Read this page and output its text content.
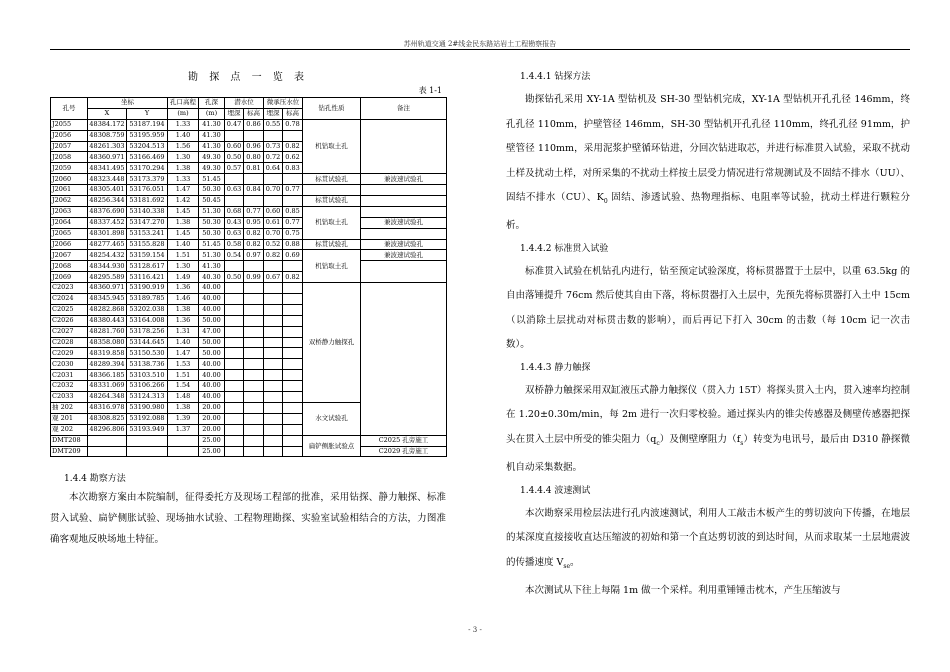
苏州轨道交通 2#线金民东路站岩土工程勘察报告
勘 探 点 一 览 表
表 1-1
孔号	坐标		孔口高程	孔深	潜水位		微承压水位		钻孔性质	备注
	X	Y	(m)	(m)	埋深	标高	埋深	标高		
J2055	48384.172	53187.194	1.33	41.30	0.47	0.86	0.55	0.78	机钻取土孔	
J2056	48308.759	53195.959	1.40	41.30						
J2057	48261.303	53204.513	1.56	41.30	0.60	0.96	0.73	0.82		
J2058	48360.971	53166.469	1.30	49.30	0.50	0.80	0.72	0.62		
J2059	48341.495	53170.294	1.38	49.30	0.57	0.81	0.64	0.83		
J2060	48323.448	53173.379	1.33	51.45					标贯试验孔	兼波速试验孔
J2061	48305.401	53176.051	1.47	50.30	0.63	0.84	0.70	0.77		
J2062	48256.344	53181.692	1.42	50.45					标贯试验孔	
J2063	48376.690	53140.338	1.45	51.30	0.68	0.77	0.60	0.85	机钻取土孔	
J2064	48337.452	53147.270	1.38	50.30	0.43	0.95	0.61	0.77		兼波速试验孔
J2065	48301.898	53153.241	1.45	50.30	0.63	0.82	0.70	0.75		
J2066	48277.465	53155.828	1.40	51.45	0.58	0.82	0.52	0.88	标贯试验孔	兼波速试验孔
J2067	48254.432	53159.154	1.51	51.30	0.54	0.97	0.82	0.69	机钻取土孔	兼波速试验孔
J2068	48344.930	53128.617	1.30	41.30						
J2069	48295.589	53116.421	1.49	40.30	0.50	0.99	0.67	0.82		
C2023	48360.971	53190.919	1.36	40.00					双桥静力触探孔	
C2024	48345.945	53189.785	1.46	40.00						
C2025	48282.868	53202.038	1.38	40.00						
C2026	48380.443	53164.008	1.36	50.00						
C2027	48281.760	53178.256	1.31	47.00						
C2028	48358.080	53144.645	1.40	50.00						
C2029	48319.858	53150.530	1.47	50.00						
C2030	48289.394	53138.736	1.53	40.00						
C2031	48366.185	53103.510	1.51	40.00						
C2032	48331.069	53106.266	1.54	40.00						
C2033	48264.348	53124.313	1.48	40.00						
抽 202	48316.978	53190.980	1.38	20.00					水文试验孔	
观 201	48308.825	53192.088	1.39	20.00						
观 202	48296.806	53193.949	1.37	20.00						
DMT208				25.00					扁铲侧胀试验点	C2025 孔旁施工
DMT209				25.00						C2029 孔旁施工
1.4.4 勘察方法

本次勘察方案由本院编制，征得委托方及现场工程部的批准，采用钻探、静力触探、标准贯入试验、扁铲侧胀试验、现场抽水试验、工程物理勘探、实验室试验相结合的方法，力图准确客观地反映场地土特征。

1.4.4.1 钻探方法

勘探钻孔采用 XY-1A 型钻机及 SH-30 型钻机完成，XY-1A 型钻机开孔孔径 146mm，终孔孔径 110mm，护壁管径 146mm，SH-30 型钻机开孔孔径 110mm，终孔孔径 91mm，护壁管径 110mm，采用泥浆护壁循环钻进，分回次钻进取芯，并进行标准贯入试验，采取不扰动土样及扰动土样，对所采集的不扰动土样按土层受力情况进行常规测试及不固结不排水（UU）、固结不排水（CU）、$K_0$ 固结、渗透试验、热物理指标、电阻率等试验，扰动土样进行颗粒分析。

1.4.4.2 标准贯入试验

标准贯入试验在机钻孔内进行，钻至预定试验深度，将标贯器置于土层中，以重 63.5kg 的自由落锤提升 76cm 然后使其自由下落，将标贯器打入土层中，先预先将标贯器打入土中 15cm（以消除土层扰动对标贯击数的影响），而后再记下打入 30cm 的击数（每 10cm 记一次击数）。

1.4.4.3 静力触探

双桥静力触探采用双缸液压式静力触探仪（贯入力 15T）将探头贯入土内，贯入速率均控制在 1.20±0.30m/min，每 2m 进行一次归零校验。通过探头内的锥尖传感器及侧壁传感器把探头在贯入土层中所受的锥尖阻力$(q_c)$及侧壁摩阻力$(f_s)$转变为电讯号，最后由 D310 静探微机自动采集数据。

1.4.4.4 波速测试

本次勘察采用检层法进行孔内波速测试，利用人工敲击木板产生的剪切波向下传播，在地层的某深度直接接收直达压缩波的初始和第一个直达剪切波的到达时间，从而求取某一土层地震波的传播速度 $V_{se}$。

本次测试从下往上每隔 1m 做一个采样。利用重锤锤击枕木，产生压缩波与

- 3 -
